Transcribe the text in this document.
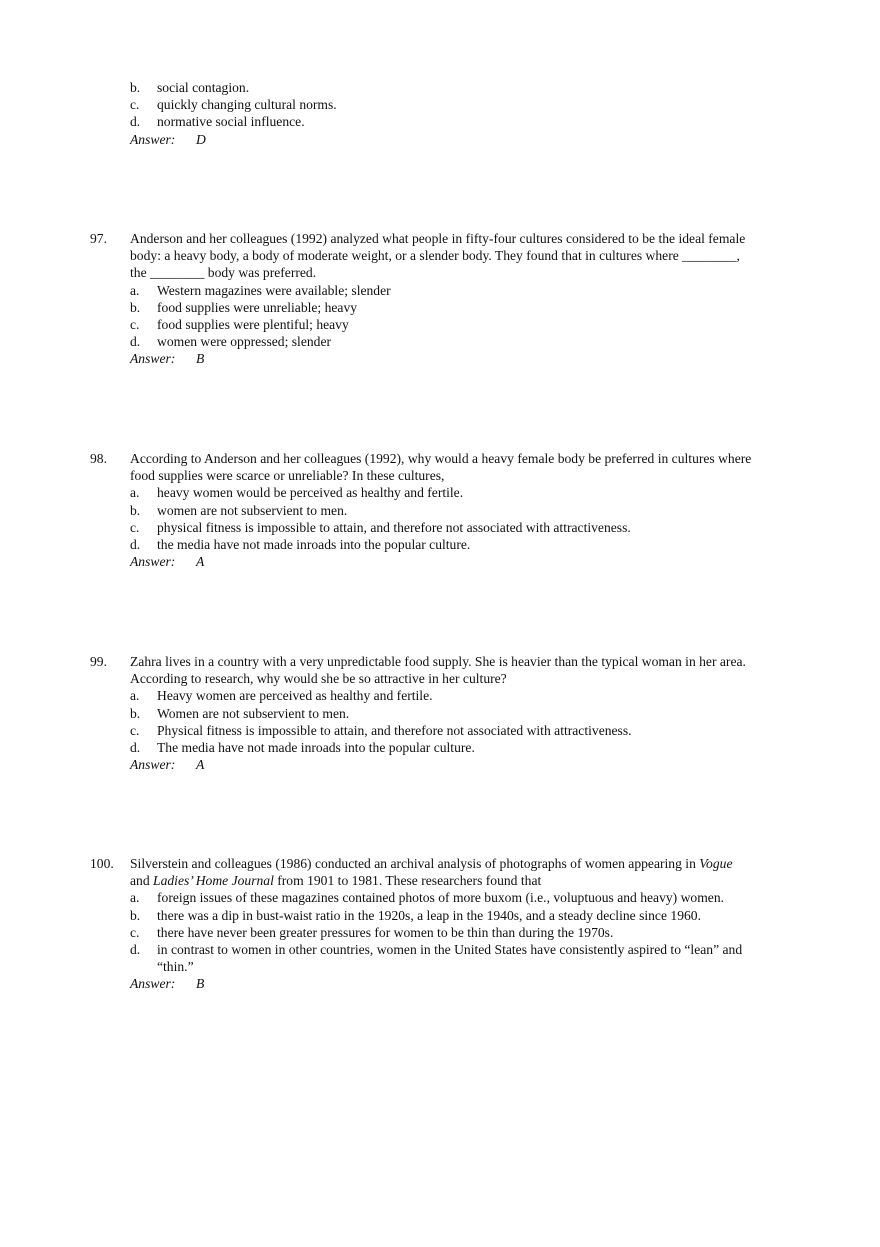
b. social contagion.
c. quickly changing cultural norms.
d. normative social influence.
Answer: D
97. Anderson and her colleagues (1992) analyzed what people in fifty-four cultures considered to be the ideal female
body: a heavy body, a body of moderate weight, or a slender body. They found that in cultures where ________,
the ________ body was preferred.
a. Western magazines were available; slender
b. food supplies were unreliable; heavy
c. food supplies were plentiful; heavy
d. women were oppressed; slender
Answer: B
98. According to Anderson and her colleagues (1992), why would a heavy female body be preferred in cultures where
food supplies were scarce or unreliable? In these cultures,
a. heavy women would be perceived as healthy and fertile.
b. women are not subservient to men.
c. physical fitness is impossible to attain, and therefore not associated with attractiveness.
d. the media have not made inroads into the popular culture.
Answer: A
99. Zahra lives in a country with a very unpredictable food supply. She is heavier than the typical woman in her area.
According to research, why would she be so attractive in her culture?
a. Heavy women are perceived as healthy and fertile.
b. Women are not subservient to men.
c. Physical fitness is impossible to attain, and therefore not associated with attractiveness.
d. The media have not made inroads into the popular culture.
Answer: A
100. Silverstein and colleagues (1986) conducted an archival analysis of photographs of women appearing in Vogue
and Ladies’ Home Journal from 1901 to 1981. These researchers found that
a. foreign issues of these magazines contained photos of more buxom (i.e., voluptuous and heavy) women.
b. there was a dip in bust-waist ratio in the 1920s, a leap in the 1940s, and a steady decline since 1960.
c. there have never been greater pressures for women to be thin than during the 1970s.
d. in contrast to women in other countries, women in the United States have consistently aspired to “lean” and
“thin.”
Answer: B
